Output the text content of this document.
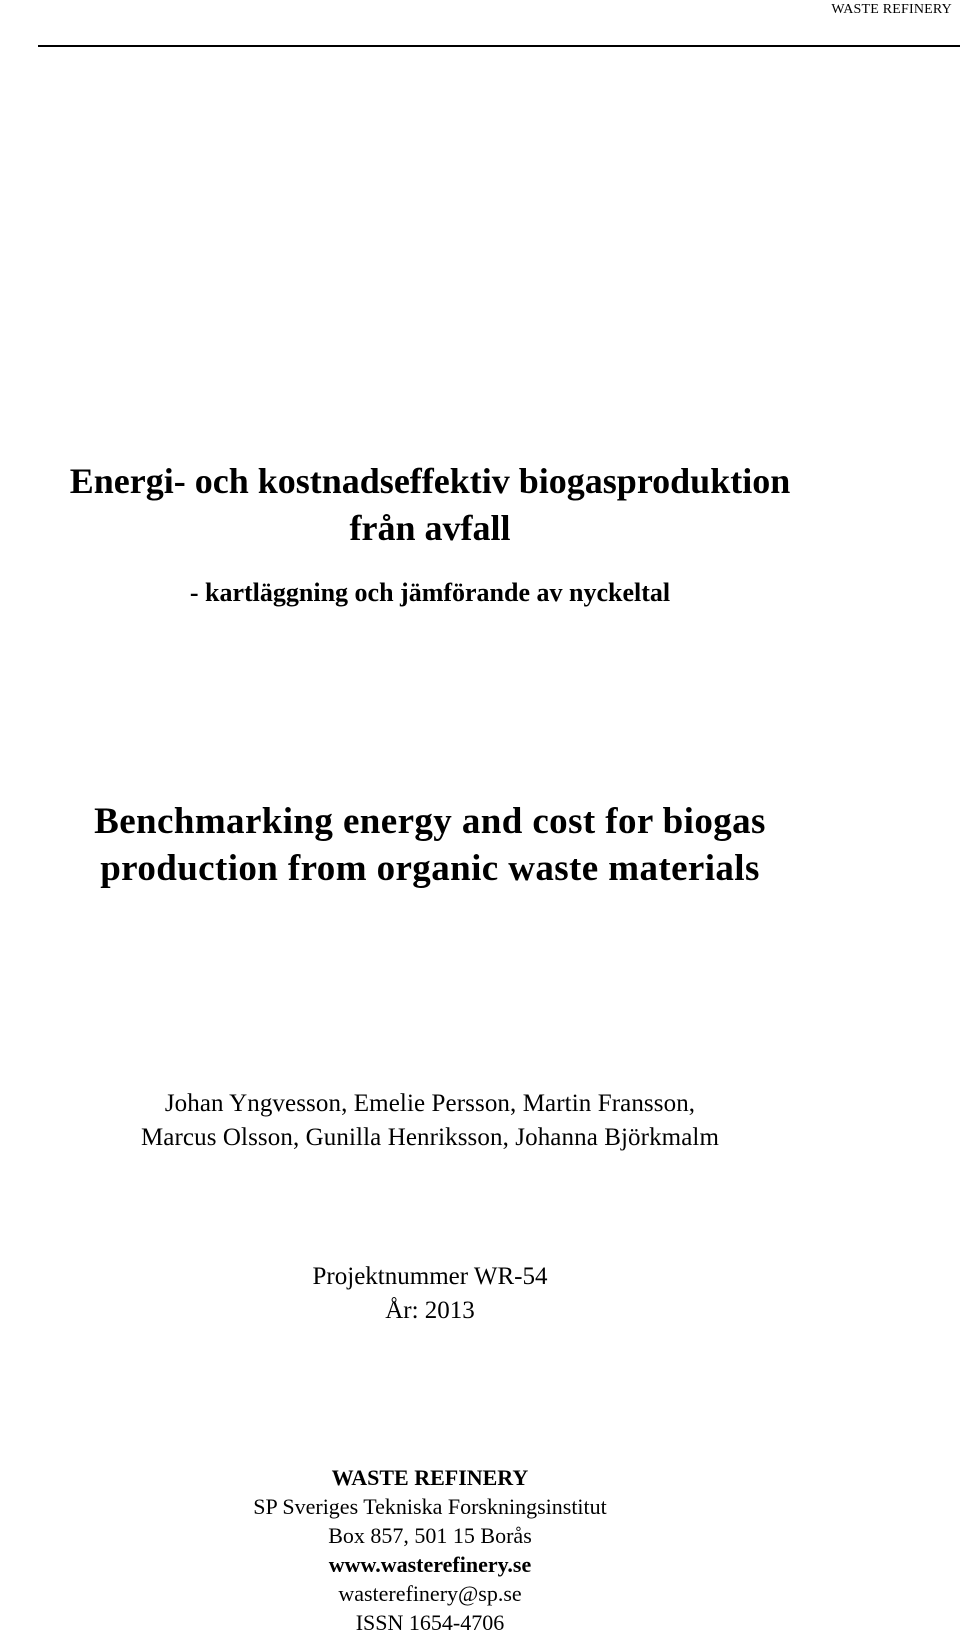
WASTE REFINERY
Energi- och kostnadseffektiv biogasproduktion
från avfall
- kartläggning och jämförande av nyckeltal
Benchmarking energy and cost for biogas
production from organic waste materials
Johan Yngvesson, Emelie Persson, Martin Fransson,
Marcus Olsson, Gunilla Henriksson, Johanna Björkmalm
Projektnummer WR-54
År: 2013
WASTE REFINERY
SP Sveriges Tekniska Forskningsinstitut
Box 857, 501 15 Borås
www.wasterefinery.se
wasterefinery@sp.se
ISSN 1654-4706
